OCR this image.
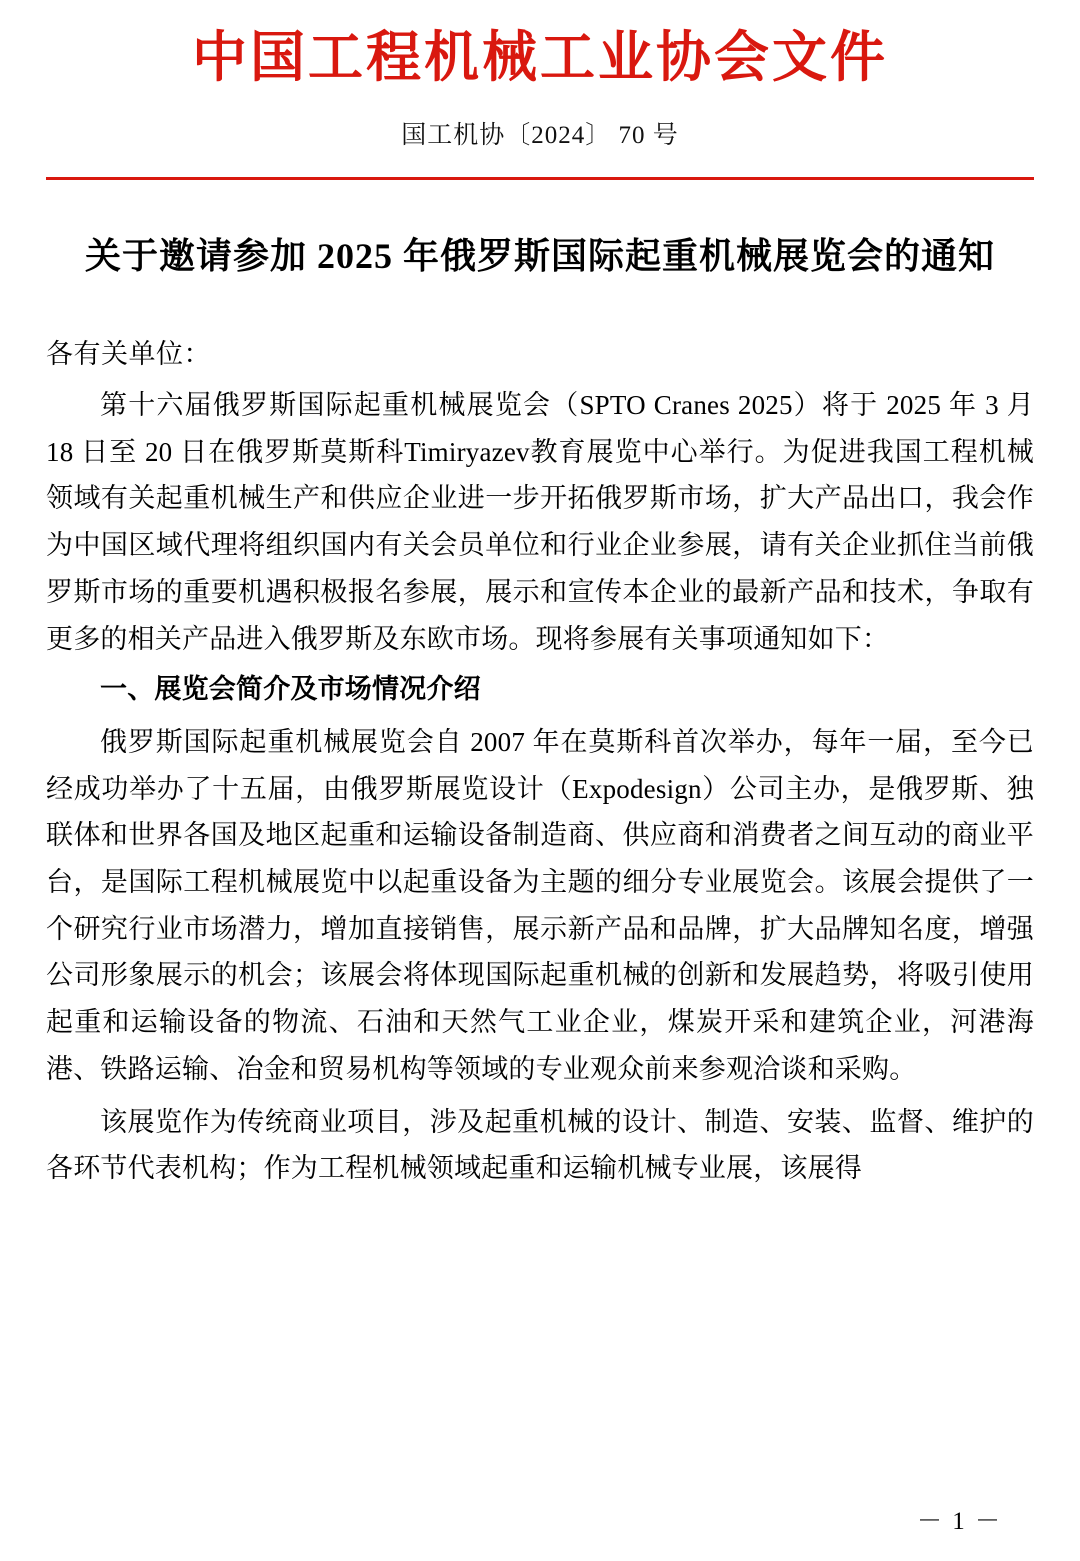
中国工程机械工业协会文件
国工机协〔2024〕 70 号
关于邀请参加 2025 年俄罗斯国际起重机械展览会的通知
各有关单位：

第十六届俄罗斯国际起重机械展览会（SPTO Cranes 2025）将于 2025 年 3 月 18 日至 20 日在俄罗斯莫斯科Timiryazev教育展览中心举行。为促进我国工程机械领域有关起重机械生产和供应企业进一步开拓俄罗斯市场，扩大产品出口，我会作为中国区域代理将组织国内有关会员单位和行业企业参展，请有关企业抓住当前俄罗斯市场的重要机遇积极报名参展，展示和宣传本企业的最新产品和技术，争取有更多的相关产品进入俄罗斯及东欧市场。现将参展有关事项通知如下：

一、展览会简介及市场情况介绍

俄罗斯国际起重机械展览会自 2007 年在莫斯科首次举办，每年一届，至今已经成功举办了十五届，由俄罗斯展览设计（Expodesign）公司主办，是俄罗斯、独联体和世界各国及地区起重和运输设备制造商、供应商和消费者之间互动的商业平台，是国际工程机械展览中以起重设备为主题的细分专业展览会。该展会提供了一个研究行业市场潜力，增加直接销售，展示新产品和品牌，扩大品牌知名度，增强公司形象展示的机会；该展会将体现国际起重机械的创新和发展趋势，将吸引使用起重和运输设备的物流、石油和天然气工业企业，煤炭开采和建筑企业，河港海港、铁路运输、冶金和贸易机构等领域的专业观众前来参观洽谈和采购。

该展览作为传统商业项目，涉及起重机械的设计、制造、安装、监督、维护的各环节代表机构；作为工程机械领域起重和运输机械专业展，该展得

－ 1 －
